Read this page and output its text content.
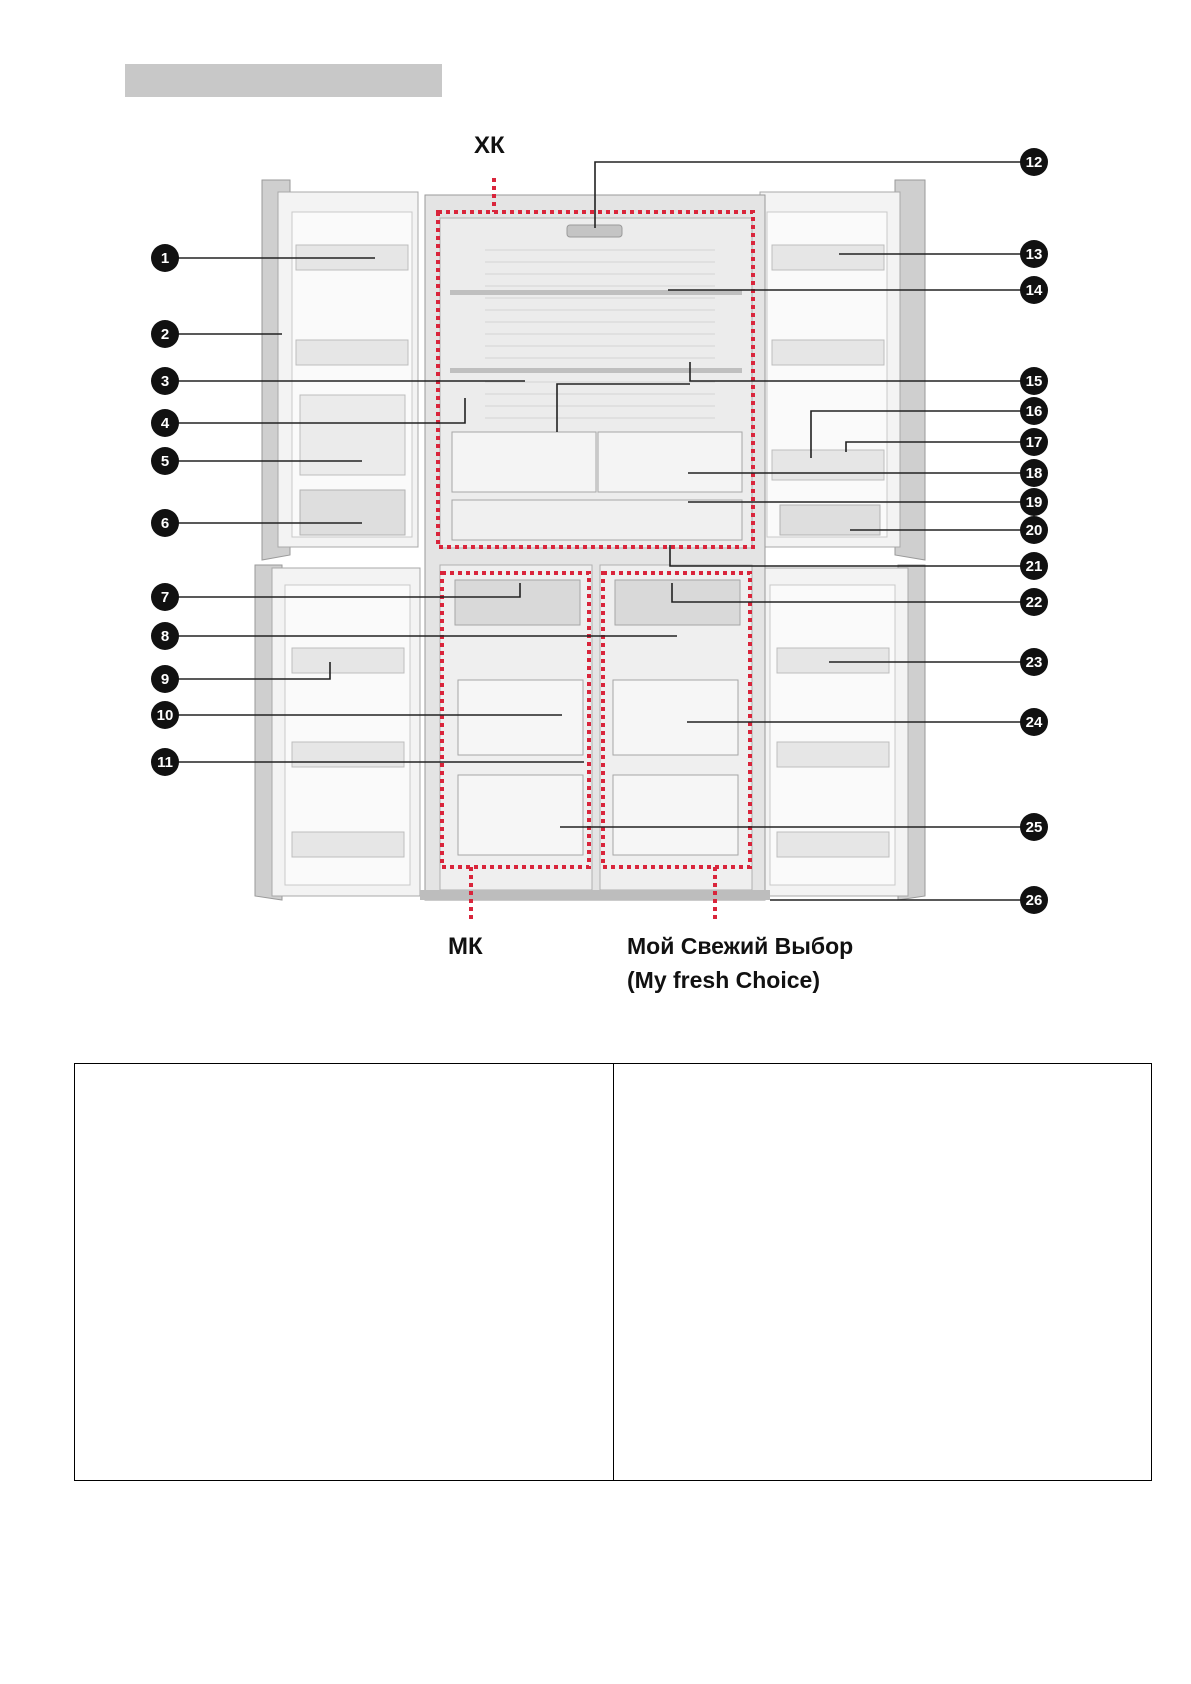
ХК
МК	Мой Свежий Выбор
(My fresh Choice)
1
2
3
4
5
6
7
8
9
10
11
12
13
14
15
16
17
18
19
20
21
22
23
24
25
26
